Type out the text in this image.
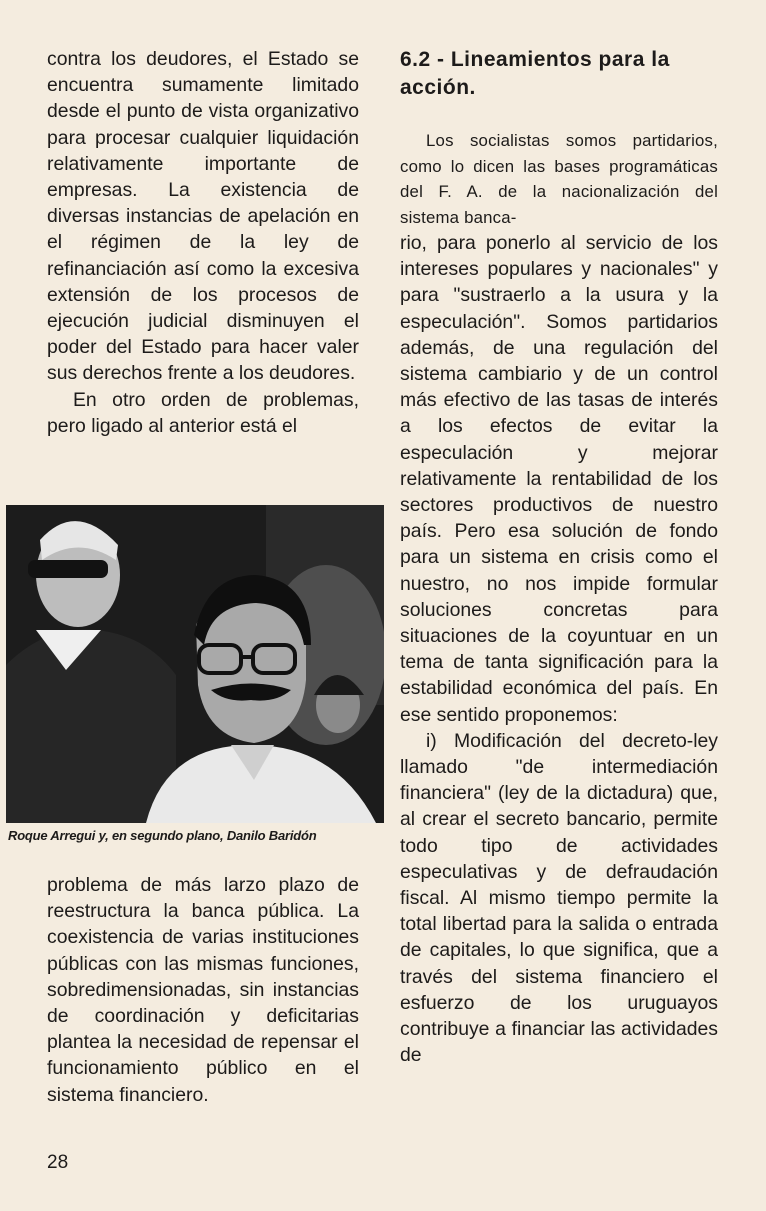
contra los deudores, el Estado se encuentra sumamente limitado desde el punto de vista organizativo para procesar cualquier liquidación relativamente importante de empresas. La existencia de diversas instancias de apelación en el régimen de la ley de refinanciación así como la excesiva extensión de los procesos de ejecución judicial disminuyen el poder del Estado para hacer valer sus derechos frente a los deudores.

En otro orden de problemas, pero ligado al anterior está el

Roque Arregui y, en segundo plano, Danilo Baridón

problema de más larzo plazo de reestructura la banca pública. La coexistencia de varias instituciones públicas con las mismas funciones, sobredimensionadas, sin instancias de coordinación y deficitarias plantea la necesidad de repensar el funcionamiento público en el sistema financiero.

6.2 - Lineamientos para la acción.

Los socialistas somos partidarios, como lo dicen las bases programáticas del F. A. de la nacionalización del sistema banca-

rio, para ponerlo al servicio de los intereses populares y nacionales" y para "sustraerlo a la usura y la especulación". Somos partidarios además, de una regulación del sistema cambiario y de un control más efectivo de las tasas de interés a los efectos de evitar la especulación y mejorar relativamente la rentabilidad de los sectores productivos de nuestro país. Pero esa solución de fondo para un sistema en crisis como el nuestro, no nos impide formular soluciones concretas para situaciones de la coyuntuar en un tema de tanta significación para la estabilidad económica del país. En ese sentido proponemos:

i) Modificación del decreto-ley llamado "de intermediación financiera" (ley de la dictadura) que, al crear el secreto bancario, permite todo tipo de actividades especulativas y de defraudación fiscal. Al mismo tiempo permite la total libertad para la salida o entrada de capitales, lo que significa, que a través del sistema financiero el esfuerzo de los uruguayos contribuye a financiar las actividades de

28
